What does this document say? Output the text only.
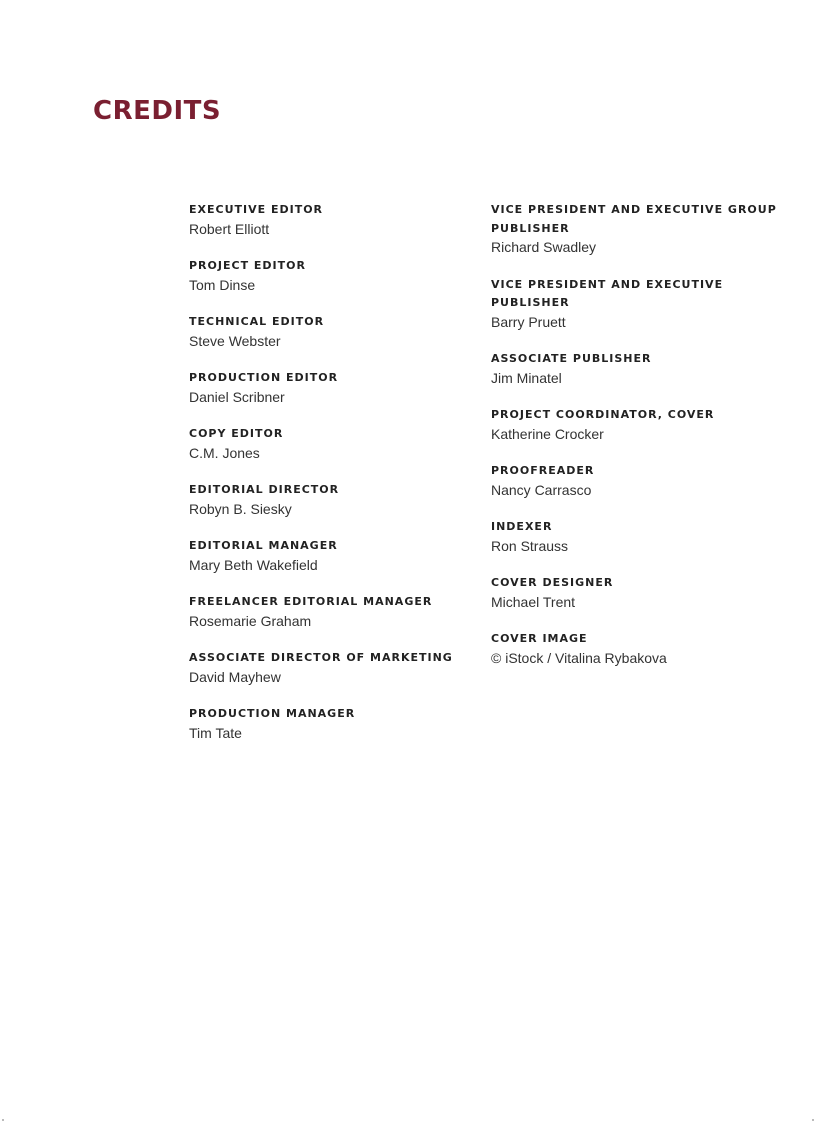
CREDITS
EXECUTIVE EDITOR
Robert Elliott
PROJECT EDITOR
Tom Dinse
TECHNICAL EDITOR
Steve Webster
PRODUCTION EDITOR
Daniel Scribner
COPY EDITOR
C.M. Jones
EDITORIAL DIRECTOR
Robyn B. Siesky
EDITORIAL MANAGER
Mary Beth Wakefield
FREELANCER EDITORIAL MANAGER
Rosemarie Graham
ASSOCIATE DIRECTOR OF MARKETING
David Mayhew
PRODUCTION MANAGER
Tim Tate
VICE PRESIDENT AND EXECUTIVE GROUP PUBLISHER
Richard Swadley
VICE PRESIDENT AND EXECUTIVE PUBLISHER
Barry Pruett
ASSOCIATE PUBLISHER
Jim Minatel
PROJECT COORDINATOR, COVER
Katherine Crocker
PROOFREADER
Nancy Carrasco
INDEXER
Ron Strauss
COVER DESIGNER
Michael Trent
COVER IMAGE
© iStock / Vitalina Rybakova
